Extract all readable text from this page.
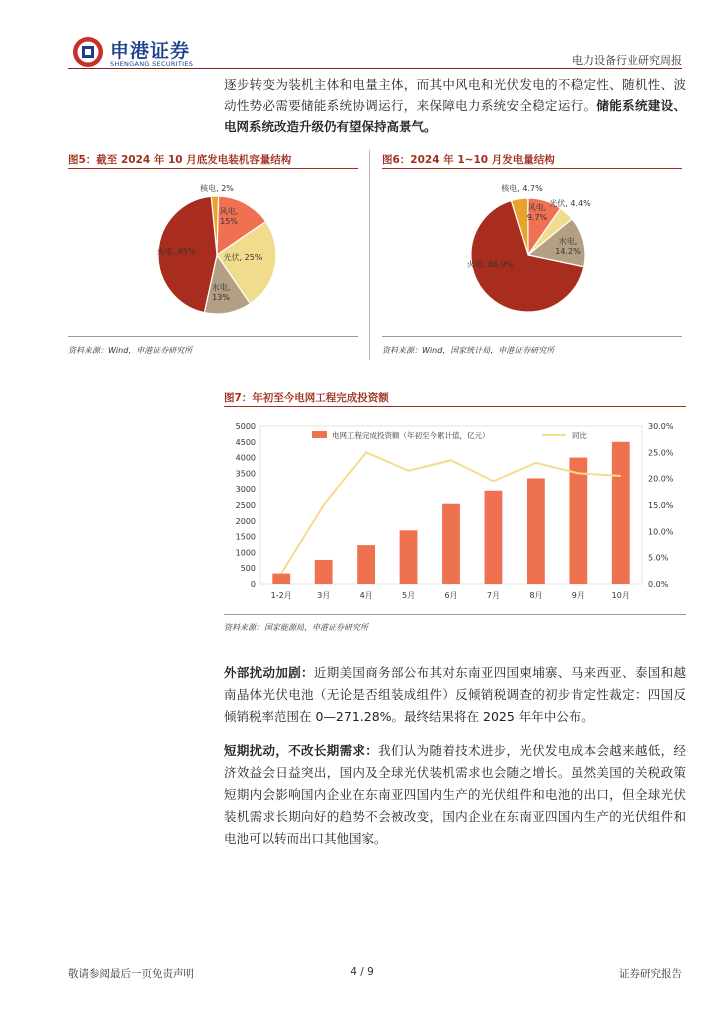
申港证券
SHENGANG SECURITIES	电力设备行业研究周报
逐步转变为装机主体和电量主体，而其中风电和光伏发电的不稳定性、随机性、波动性势必需要储能系统协调运行，来保障电力系统安全稳定运行。储能系统建设、电网系统改造升级仍有望保持高景气。
图5：截至 2024 年 10 月底发电装机容量结构
核电, 2%
风电,
15%
光伏, 25%
水电,
13%
火电, 45%
资料来源：Wind，申港证券研究所
图6：2024 年 1~10 月发电量结构
核电, 4.7%
风电,
9.7%
光伏, 4.4%
水电,
14.2%
火电, 66.9%
资料来源：Wind，国家统计局，申港证券研究所
图7：年初至今电网工程完成投资额
0
500
1000
1500
2000
2500
3000
3500
4000
4500
5000
0.0%
5.0%
10.0%
15.0%
20.0%
25.0%
30.0%
1-2月	3月	4月	5月	6月	7月	8月	9月	10月
电网工程完成投资额（年初至今累计值，亿元）	同比
资料来源：国家能源局，申港证券研究所
外部扰动加剧：近期美国商务部公布其对东南亚四国柬埔寨、马来西亚、泰国和越南晶体光伏电池（无论是否组装成组件）反倾销税调查的初步肯定性裁定：四国反倾销税率范围在 0—271.28%。最终结果将在 2025 年年中公布。
短期扰动，不改长期需求：我们认为随着技术进步，光伏发电成本会越来越低，经济效益会日益突出，国内及全球光伏装机需求也会随之增长。虽然美国的关税政策短期内会影响国内企业在东南亚四国内生产的光伏组件和电池的出口，但全球光伏装机需求长期向好的趋势不会被改变，国内企业在东南亚四国内生产的光伏组件和电池可以转而出口其他国家。
敬请参阅最后一页免责声明	4 / 9	证券研究报告
